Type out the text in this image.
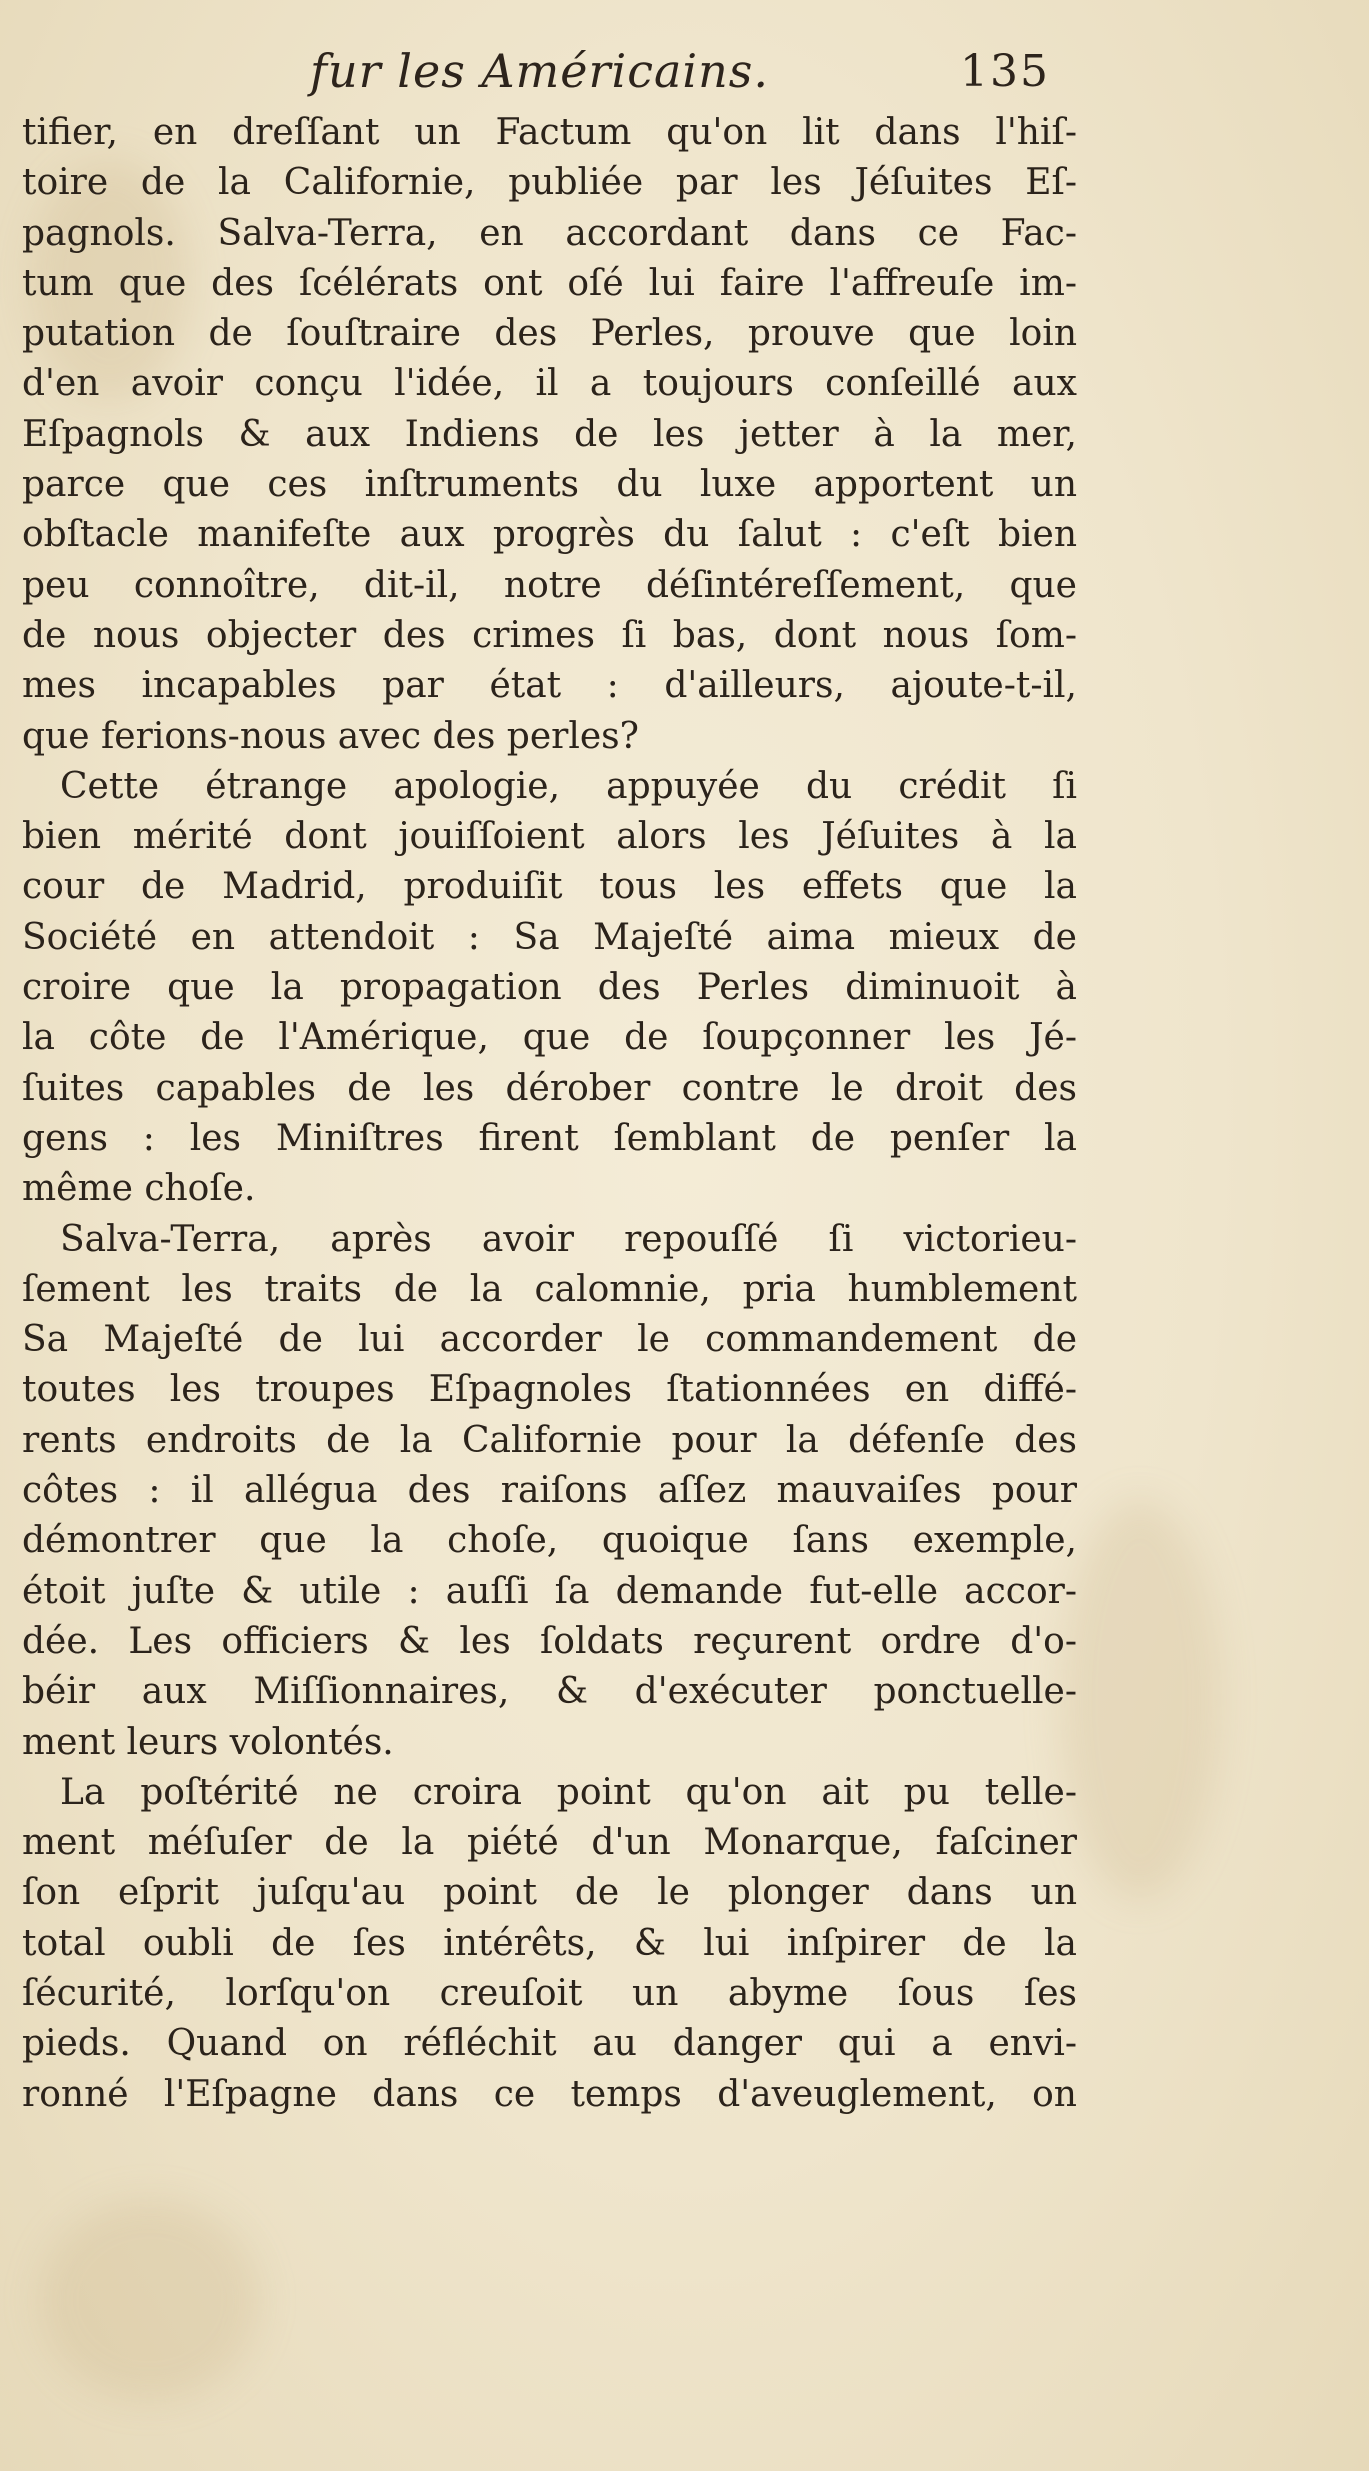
fur les Américains.	135
tifier, en dreſſant un Factum qu'on lit dans l'hiſ-
toire de la Californie, publiée par les Jéſuites Eſ-
pagnols. Salva-Terra, en accordant dans ce Fac-
tum que des ſcélérats ont oſé lui faire l'affreuſe im-
putation de ſouſtraire des Perles, prouve que loin
d'en avoir conçu l'idée, il a toujours conſeillé aux
Eſpagnols & aux Indiens de les jetter à la mer,
parce que ces inſtruments du luxe apportent un
obſtacle manifeſte aux progrès du ſalut : c'eſt bien
peu connoître, dit-il, notre déſintéreſſement, que
de nous objecter des crimes ſi bas, dont nous ſom-
mes incapables par état : d'ailleurs, ajoute-t-il,
que ferions-nous avec des perles?
Cette étrange apologie, appuyée du crédit ſi
bien mérité dont jouiſſoient alors les Jéſuites à la
cour de Madrid, produiſit tous les effets que la
Société en attendoit : Sa Majeſté aima mieux de
croire que la propagation des Perles diminuoit à
la côte de l'Amérique, que de ſoupçonner les Jé-
ſuites capables de les dérober contre le droit des
gens : les Miniſtres firent ſemblant de penſer la
même choſe.
Salva-Terra, après avoir repouſſé ſi victorieu-
ſement les traits de la calomnie, pria humblement
Sa Majeſté de lui accorder le commandement de
toutes les troupes Eſpagnoles ſtationnées en diffé-
rents endroits de la Californie pour la défenſe des
côtes : il allégua des raiſons aſſez mauvaiſes pour
démontrer que la choſe, quoique ſans exemple,
étoit juſte & utile : auſſi ſa demande fut-elle accor-
dée. Les officiers & les ſoldats reçurent ordre d'o-
béir aux Miſſionnaires, & d'exécuter ponctuelle-
ment leurs volontés.
La poſtérité ne croira point qu'on ait pu telle-
ment méſuſer de la piété d'un Monarque, faſciner
ſon eſprit juſqu'au point de le plonger dans un
total oubli de ſes intérêts, & lui inſpirer de la
ſécurité, lorſqu'on creuſoit un abyme ſous ſes
pieds. Quand on réfléchit au danger qui a envi-
ronné l'Eſpagne dans ce temps d'aveuglement, on
